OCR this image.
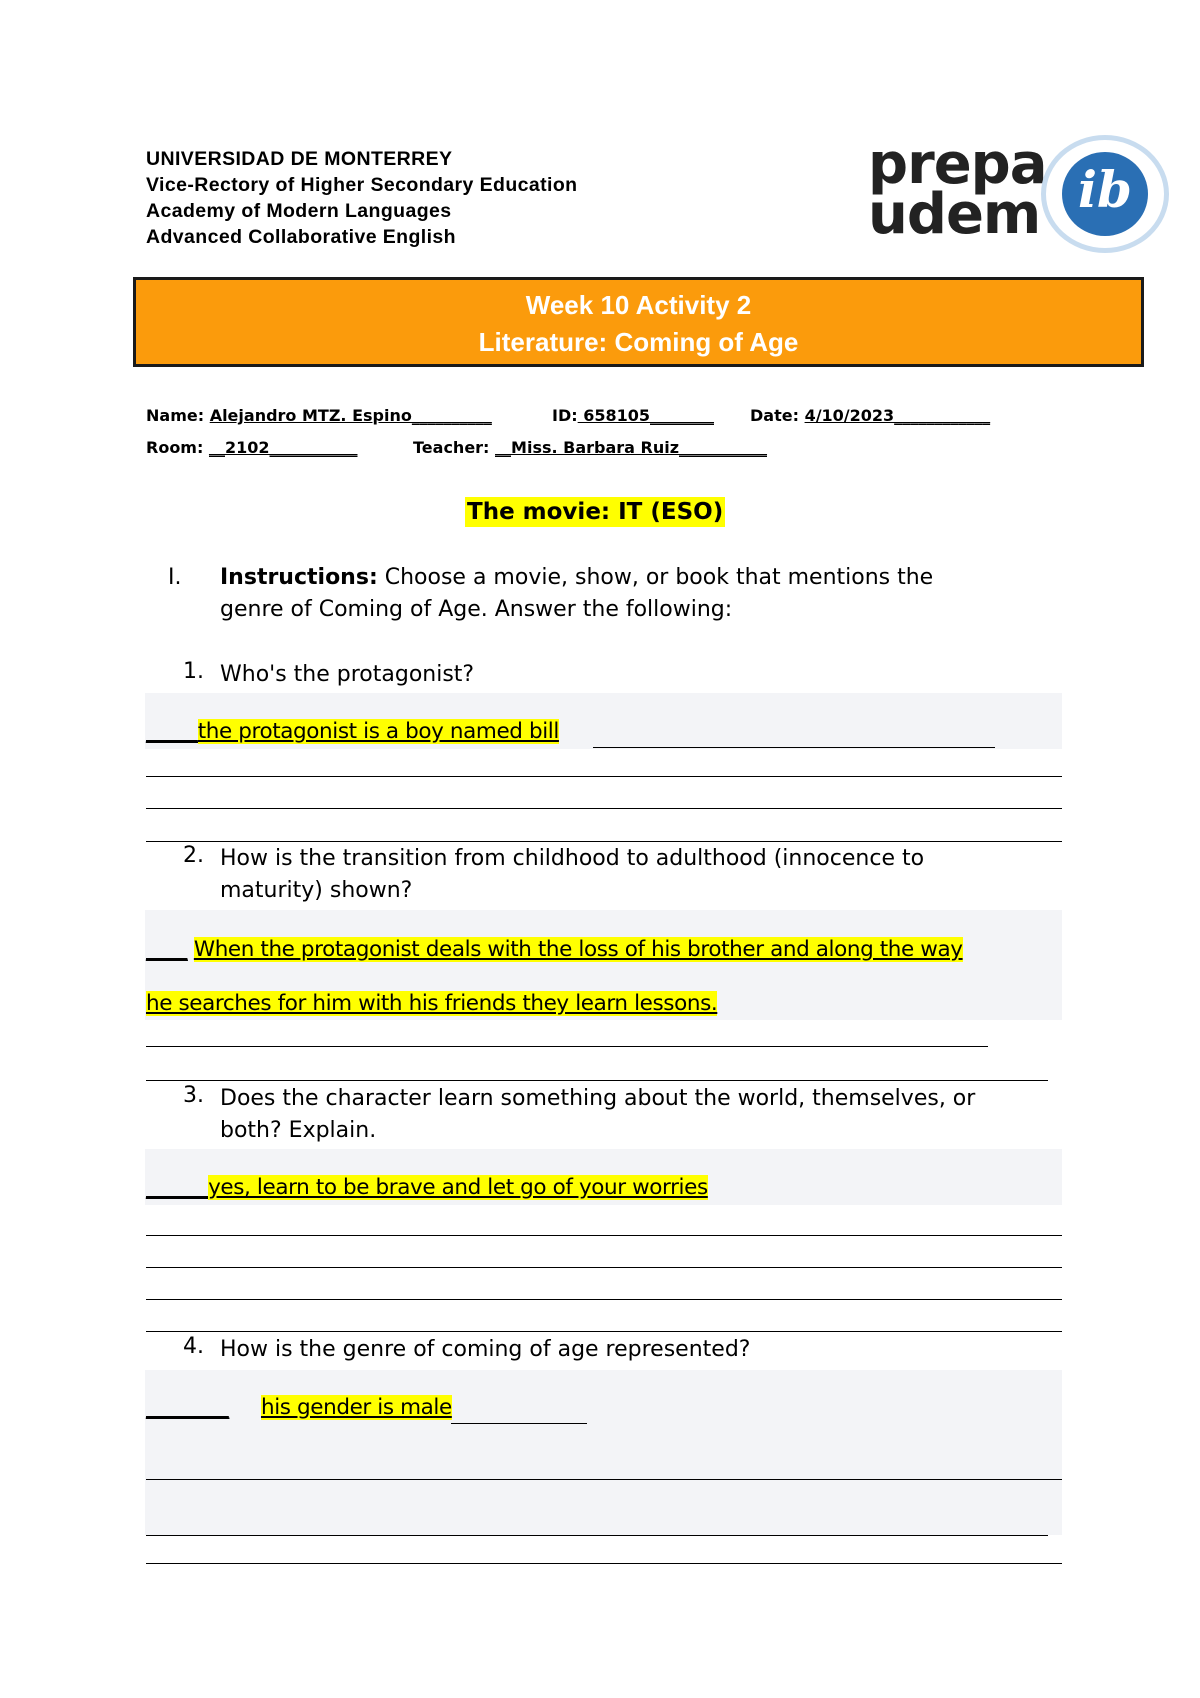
UNIVERSIDAD DE MONTERREY
Vice-Rectory of Higher Secondary Education
Academy of Modern Languages
Advanced Collaborative English
prepa
udem ib
Week 10 Activity 2
Literature: Coming of Age
Name: Alejandro MTZ. Espino__________	ID: 658105________ Date: 4/10/2023____________
Room: __2102___________	Teacher: __Miss. Barbara Ruiz___________
The movie: IT (ESO)
I. Instructions: Choose a movie, show, or book that mentions the
genre of Coming of Age. Answer the following:
1. Who's the protagonist?
_____the protagonist is a boy named bill
2. How is the transition from childhood to adulthood (innocence to
maturity) shown?
____ When the protagonist deals with the loss of his brother and along the way
he searches for him with his friends they learn lessons.
3. Does the character learn something about the world, themselves, or
both? Explain.
______yes, learn to be brave and let go of your worries
4. How is the genre of coming of age represented?
________ his gender is male
